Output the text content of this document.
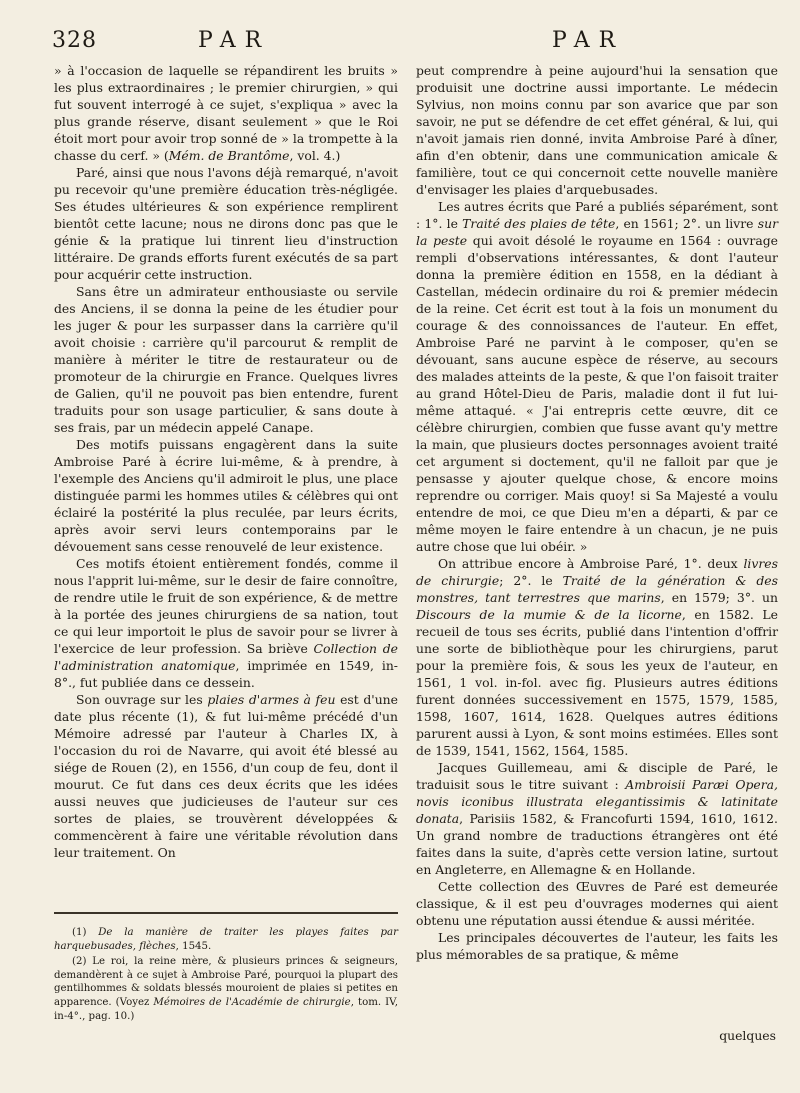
328	PAR	PAR

» à l'occasion de laquelle se répandirent les bruits » les plus extraordinaires ; le premier chirurgien, » qui fut souvent interrogé à ce sujet, s'expliqua » avec la plus grande réserve, disant seulement » que le Roi étoit mort pour avoir trop sonné de » la trompette à la chasse du cerf. » (Mém. de Brantôme, vol. 4.)

Paré, ainsi que nous l'avons déjà remarqué, n'avoit pu recevoir qu'une première éducation très-négligée. Ses études ultérieures & son expérience remplirent bientôt cette lacune; nous ne dirons donc pas que le génie & la pratique lui tinrent lieu d'instruction littéraire. De grands efforts furent exécutés de sa part pour acquérir cette instruction.

Sans être un admirateur enthousiaste ou servile des Anciens, il se donna la peine de les étudier pour les juger & pour les surpasser dans la carrière qu'il avoit choisie : carrière qu'il parcourut & remplit de manière à mériter le titre de restaurateur ou de promoteur de la chirurgie en France. Quelques livres de Galien, qu'il ne pouvoit pas bien entendre, furent traduits pour son usage particulier, & sans doute à ses frais, par un médecin appelé Canape.

Des motifs puissans engagèrent dans la suite Ambroise Paré à écrire lui-même, & à prendre, à l'exemple des Anciens qu'il admiroit le plus, une place distinguée parmi les hommes utiles & célèbres qui ont éclairé la postérité la plus reculée, par leurs écrits, après avoir servi leurs contemporains par le dévouement sans cesse renouvelé de leur existence.

Ces motifs étoient entièrement fondés, comme il nous l'apprit lui-même, sur le desir de faire connoître, de rendre utile le fruit de son expérience, & de mettre à la portée des jeunes chirurgiens de sa nation, tout ce qui leur importoit le plus de savoir pour se livrer à l'exercice de leur profession. Sa briève Collection de l'administration anatomique, imprimée en 1549, in-8°., fut publiée dans ce dessein.

Son ouvrage sur les plaies d'armes à feu est d'une date plus récente (1), & fut lui-même précédé d'un Mémoire adressé par l'auteur à Charles IX, à l'occasion du roi de Navarre, qui avoit été blessé au siége de Rouen (2), en 1556, d'un coup de feu, dont il mourut. Ce fut dans ces deux écrits que les idées aussi neuves que judicieuses de l'auteur sur ces sortes de plaies, se trouvèrent développées & commencèrent à faire une véritable révolution dans leur traitement. On

(1) De la manière de traiter les playes faites par harquebusades, flèches, 1545.

(2) Le roi, la reine mère, & plusieurs princes & seigneurs, demandèrent à ce sujet à Ambroise Paré, pourquoi la plupart des gentilhommes & soldats blessés mouroient de plaies si petites en apparence. (Voyez Mémoires de l'Académie de chirurgie, tom. IV, in-4°., pag. 10.)

peut comprendre à peine aujourd'hui la sensation que produisit une doctrine aussi importante. Le médecin Sylvius, non moins connu par son avarice que par son savoir, ne put se défendre de cet effet général, & lui, qui n'avoit jamais rien donné, invita Ambroise Paré à dîner, afin d'en obtenir, dans une communication amicale & familière, tout ce qui concernoit cette nouvelle manière d'envisager les plaies d'arquebusades.

Les autres écrits que Paré a publiés séparément, sont : 1°. le Traité des plaies de tête, en 1561; 2°. un livre sur la peste qui avoit désolé le royaume en 1564 : ouvrage rempli d'observations intéressantes, & dont l'auteur donna la première édition en 1558, en la dédiant à Castellan, médecin ordinaire du roi & premier médecin de la reine. Cet écrit est tout à la fois un monument du courage & des connoissances de l'auteur. En effet, Ambroise Paré ne parvint à le composer, qu'en se dévouant, sans aucune espèce de réserve, au secours des malades atteints de la peste, & que l'on faisoit traiter au grand Hôtel-Dieu de Paris, maladie dont il fut lui-même attaqué. « J'ai entrepris cette œuvre, dit ce célèbre chirurgien, combien que fusse avant qu'y mettre la main, que plusieurs doctes personnages avoient traité cet argument si doctement, qu'il ne falloit par que je pensasse y ajouter quelque chose, & encore moins reprendre ou corriger. Mais quoy! si Sa Majesté a voulu entendre de moi, ce que Dieu m'en a départi, & par ce même moyen le faire entendre à un chacun, je ne puis autre chose que lui obéir. »

On attribue encore à Ambroise Paré, 1°. deux livres de chirurgie; 2°. le Traité de la génération & des monstres, tant terrestres que marins, en 1579; 3°. un Discours de la mumie & de la licorne, en 1582. Le recueil de tous ses écrits, publié dans l'intention d'offrir une sorte de bibliothèque pour les chirurgiens, parut pour la première fois, & sous les yeux de l'auteur, en 1561, 1 vol. in-fol. avec fig. Plusieurs autres éditions furent données successivement en 1575, 1579, 1585, 1598, 1607, 1614, 1628. Quelques autres éditions parurent aussi à Lyon, & sont moins estimées. Elles sont de 1539, 1541, 1562, 1564, 1585.

Jacques Guillemeau, ami & disciple de Paré, le traduisit sous le titre suivant : Ambroisii Paræi Opera, novis iconibus illustrata elegantissimis & latinitate donata, Parisiis 1582, & Francofurti 1594, 1610, 1612. Un grand nombre de traductions étrangères ont été faites dans la suite, d'après cette version latine, surtout en Angleterre, en Allemagne & en Hollande.

Cette collection des Œuvres de Paré est demeurée classique, & il est peu d'ouvrages modernes qui aient obtenu une réputation aussi étendue & aussi méritée.

Les principales découvertes de l'auteur, les faits les plus mémorables de sa pratique, & même

quelques
